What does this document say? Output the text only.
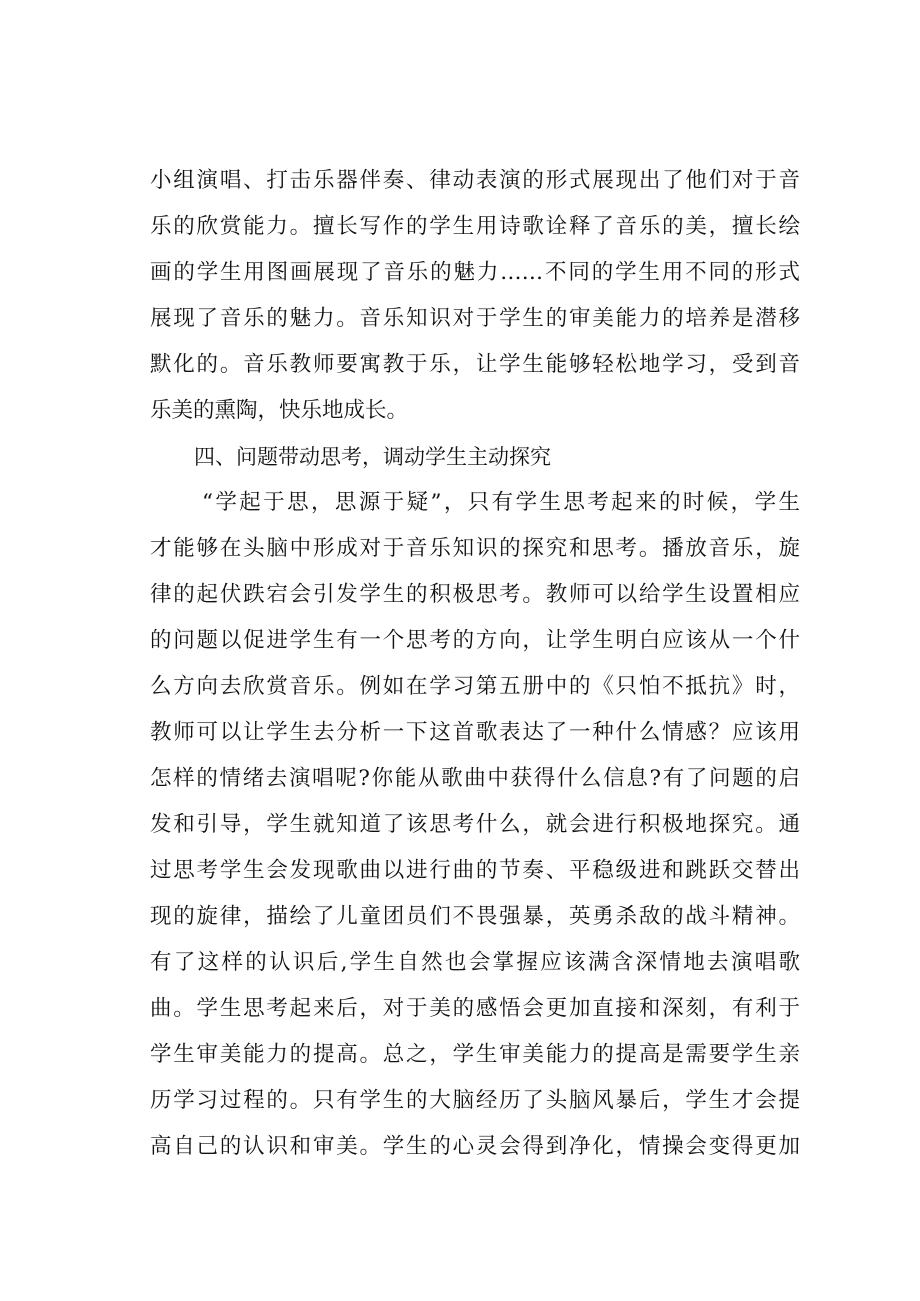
小组演唱、打击乐器伴奏、律动表演的形式展现出了他们对于音
乐的欣赏能力。擅长写作的学生用诗歌诠释了音乐的美，擅长绘
画的学生用图画展现了音乐的魅力……不同的学生用不同的形式
展现了音乐的魅力。音乐知识对于学生的审美能力的培养是潜移
默化的。音乐教师要寓教于乐，让学生能够轻松地学习，受到音
乐美的熏陶，快乐地成长。
四、问题带动思考，调动学生主动探究
“学起于思，思源于疑”，只有学生思考起来的时候，学生
才能够在头脑中形成对于音乐知识的探究和思考。播放音乐，旋
律的起伏跌宕会引发学生的积极思考。教师可以给学生设置相应
的问题以促进学生有一个思考的方向，让学生明白应该从一个什
么方向去欣赏音乐。例如在学习第五册中的《只怕不抵抗》时，
教师可以让学生去分析一下这首歌表达了一种什么情感？应该用
怎样的情绪去演唱呢?你能从歌曲中获得什么信息?有了问题的启
发和引导，学生就知道了该思考什么，就会进行积极地探究。通
过思考学生会发现歌曲以进行曲的节奏、平稳级进和跳跃交替出
现的旋律，描绘了儿童团员们不畏强暴，英勇杀敌的战斗精神。
有了这样的认识后,学生自然也会掌握应该满含深情地去演唱歌
曲。学生思考起来后，对于美的感悟会更加直接和深刻，有利于
学生审美能力的提高。总之，学生审美能力的提高是需要学生亲
历学习过程的。只有学生的大脑经历了头脑风暴后，学生才会提
高自己的认识和审美。学生的心灵会得到净化，情操会变得更加
